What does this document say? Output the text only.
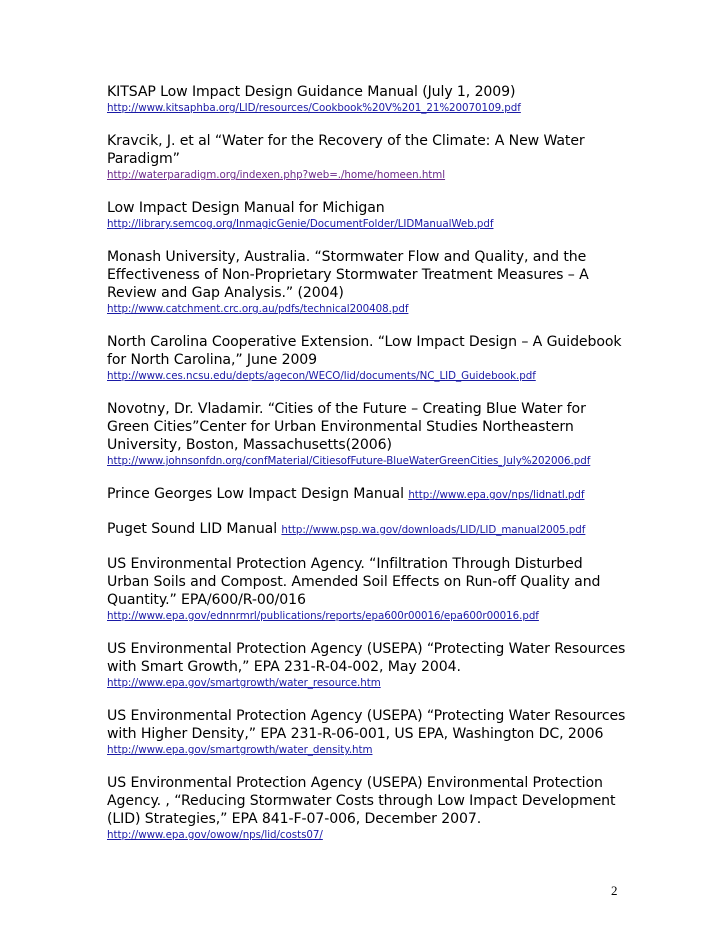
KITSAP Low Impact Design Guidance Manual (July 1, 2009)
http://www.kitsaphba.org/LID/resources/Cookbook%20V%201_21%20070109.pdf
Kravcik, J. et al “Water for the Recovery of the Climate: A New Water Paradigm”
http://waterparadigm.org/indexen.php?web=./home/homeen.html
Low Impact Design Manual for Michigan
http://library.semcog.org/InmagicGenie/DocumentFolder/LIDManualWeb.pdf
Monash University, Australia. “Stormwater Flow and Quality, and the Effectiveness of Non-Proprietary Stormwater Treatment Measures – A Review and Gap Analysis.” (2004)
http://www.catchment.crc.org.au/pdfs/technical200408.pdf
North Carolina Cooperative Extension. “Low Impact Design – A Guidebook for North Carolina,” June 2009
http://www.ces.ncsu.edu/depts/agecon/WECO/lid/documents/NC_LID_Guidebook.pdf
Novotny, Dr. Vladamir. “Cities of the Future – Creating Blue Water for Green Cities”Center for Urban Environmental Studies Northeastern University, Boston, Massachusetts(2006)
http://www.johnsonfdn.org/confMaterial/CitiesofFuture-BlueWaterGreenCities_July%202006.pdf
Prince Georges Low Impact Design Manual http://www.epa.gov/nps/lidnatl.pdf
Puget Sound LID Manual http://www.psp.wa.gov/downloads/LID/LID_manual2005.pdf
US Environmental Protection Agency. “Infiltration Through Disturbed Urban Soils and Compost. Amended Soil Effects on Run-off Quality and Quantity.” EPA/600/R-00/016
http://www.epa.gov/ednnrmrl/publications/reports/epa600r00016/epa600r00016.pdf
US Environmental Protection Agency (USEPA) “Protecting Water Resources with Smart Growth,” EPA 231-R-04-002, May 2004.
http://www.epa.gov/smartgrowth/water_resource.htm
US Environmental Protection Agency (USEPA) “Protecting Water Resources with Higher Density,” EPA 231-R-06-001, US EPA, Washington DC, 2006
http://www.epa.gov/smartgrowth/water_density.htm
US Environmental Protection Agency (USEPA) Environmental Protection Agency. , “Reducing Stormwater Costs through Low Impact Development (LID) Strategies,” EPA 841-F-07-006, December 2007.
http://www.epa.gov/owow/nps/lid/costs07/
2
